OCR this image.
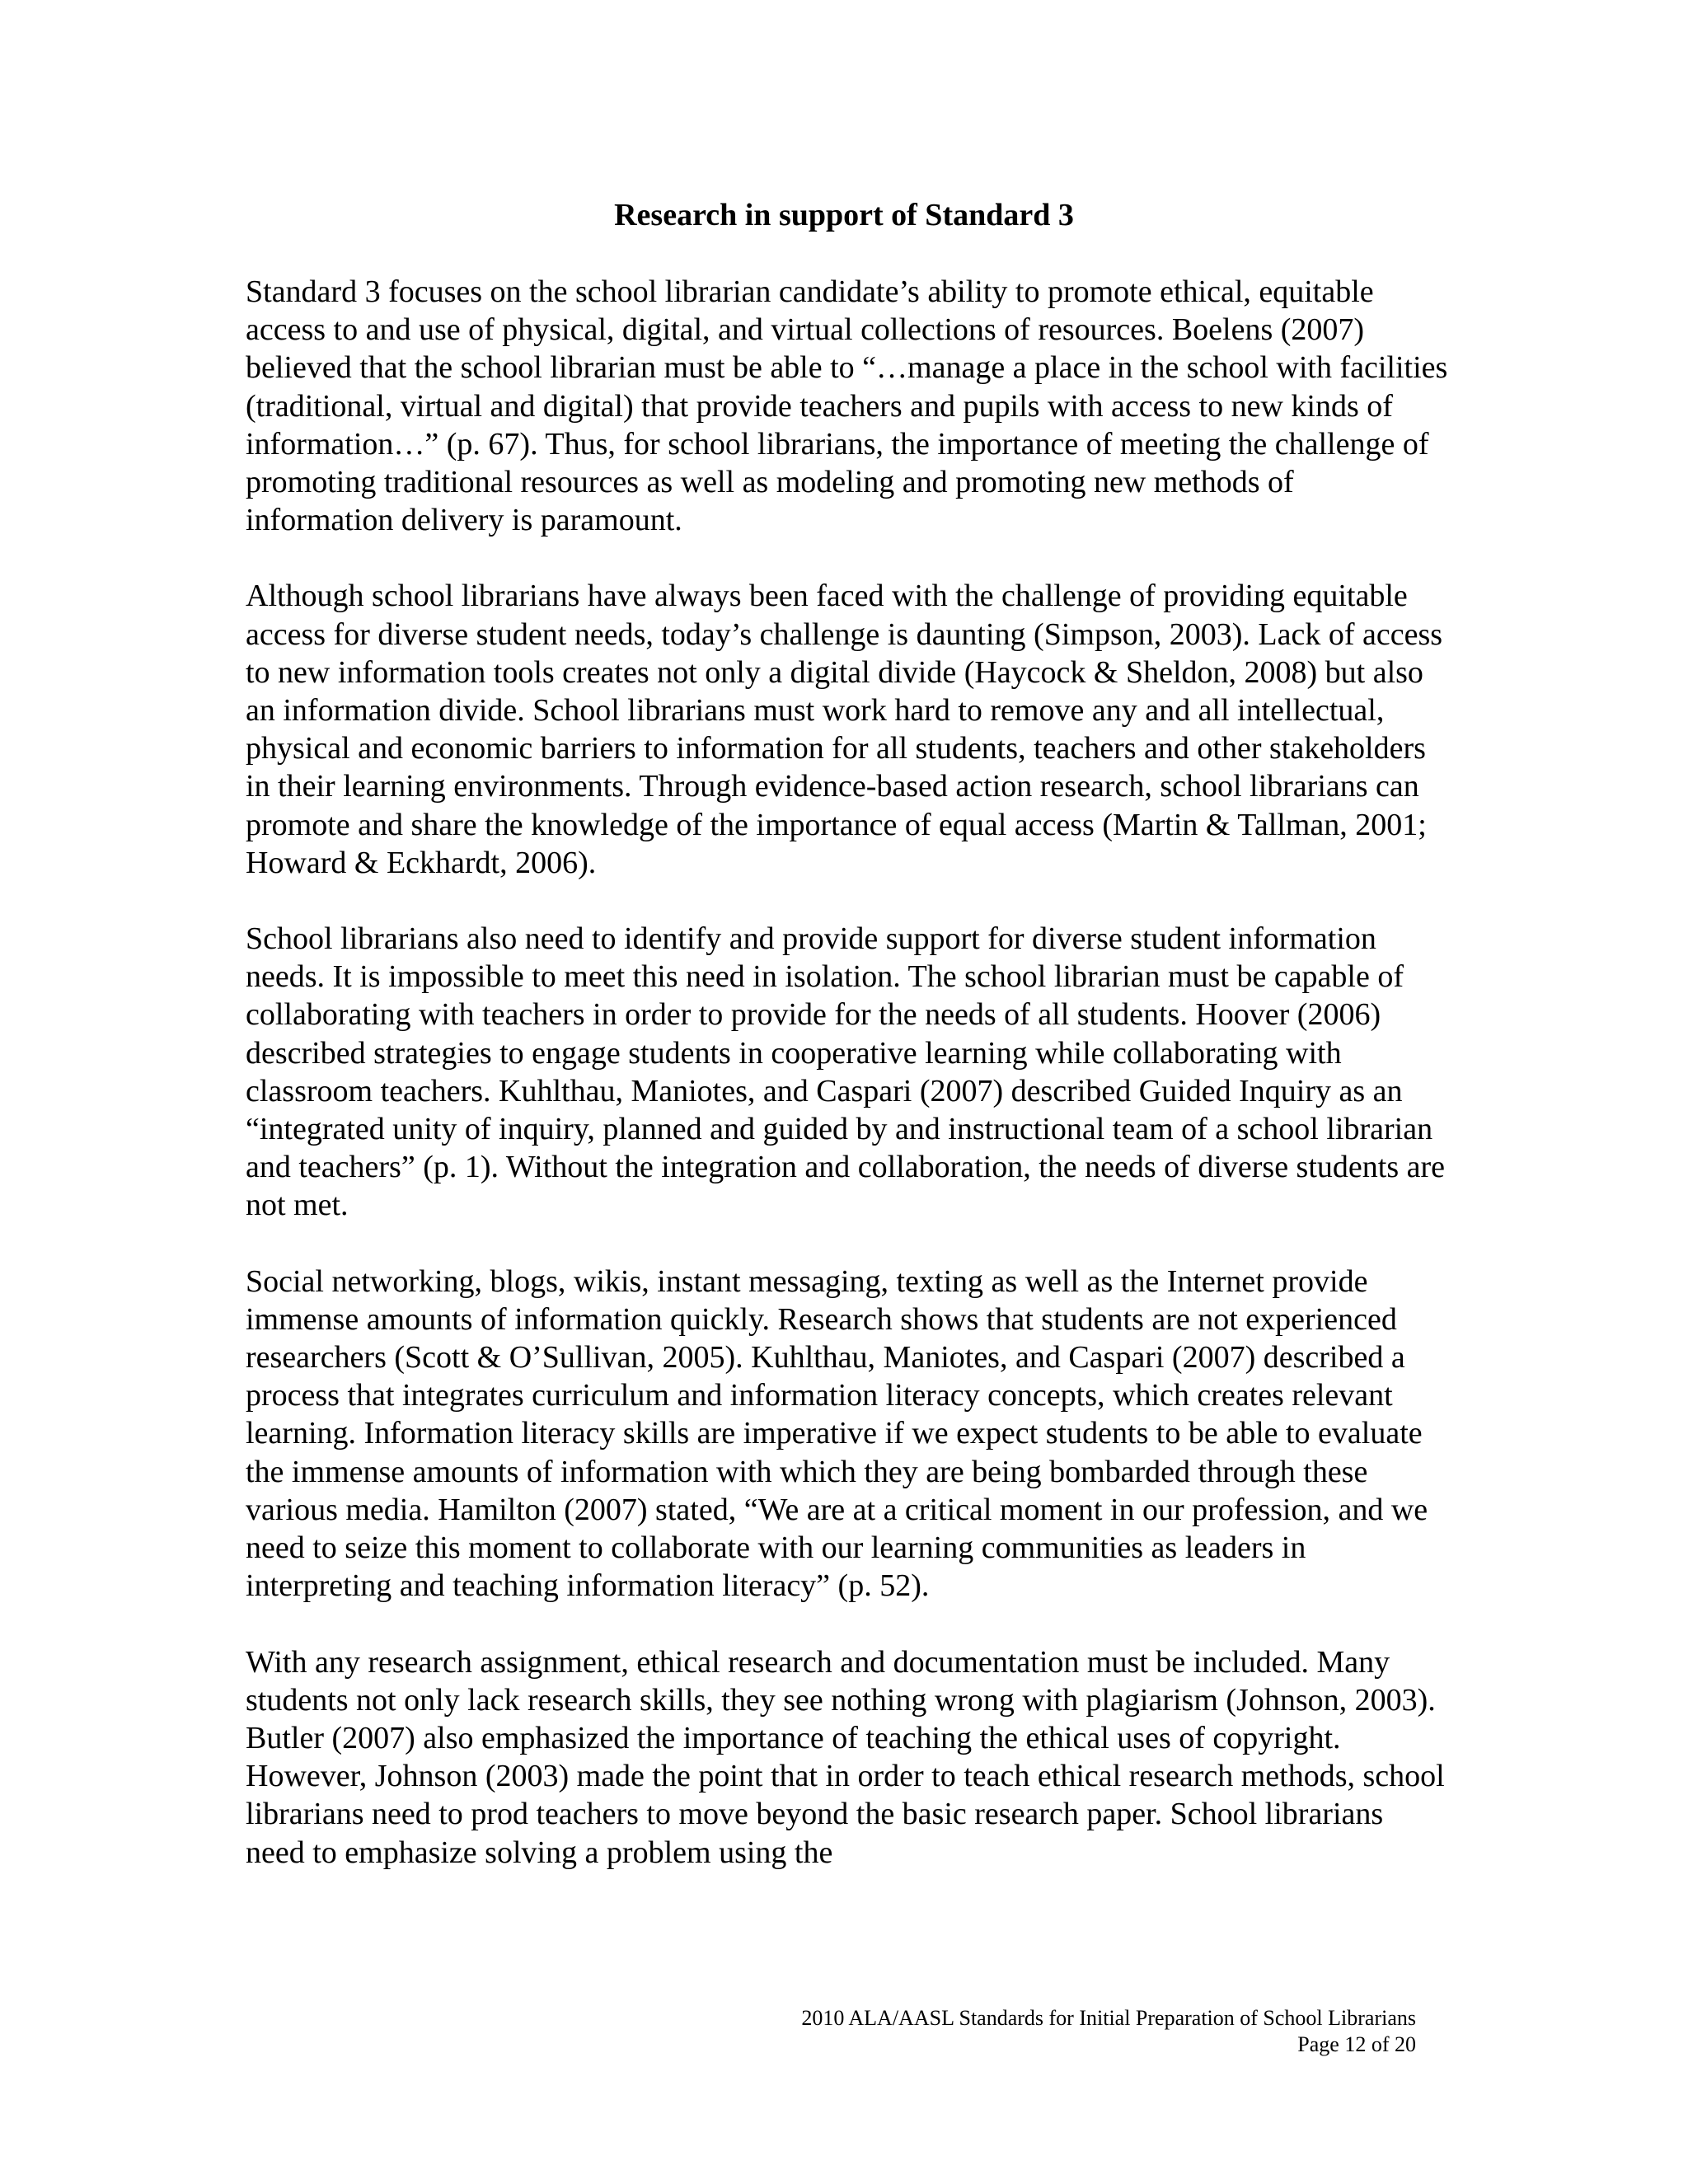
Research in support of Standard 3

Standard 3 focuses on the school librarian candidate’s ability to promote ethical, equitable access to and use of physical, digital, and virtual collections of resources. Boelens (2007) believed that the school librarian must be able to “…manage a place in the school with facilities (traditional, virtual and digital) that provide teachers and pupils with access to new kinds of information…” (p. 67). Thus, for school librarians, the importance of meeting the challenge of promoting traditional resources as well as modeling and promoting new methods of information delivery is paramount.

Although school librarians have always been faced with the challenge of providing equitable access for diverse student needs, today’s challenge is daunting (Simpson, 2003). Lack of access to new information tools creates not only a digital divide (Haycock & Sheldon, 2008) but also an information divide. School librarians must work hard to remove any and all intellectual, physical and economic barriers to information for all students, teachers and other stakeholders in their learning environments. Through evidence-based action research, school librarians can promote and share the knowledge of the importance of equal access (Martin & Tallman, 2001; Howard & Eckhardt, 2006).

School librarians also need to identify and provide support for diverse student information needs. It is impossible to meet this need in isolation. The school librarian must be capable of collaborating with teachers in order to provide for the needs of all students. Hoover (2006) described strategies to engage students in cooperative learning while collaborating with classroom teachers. Kuhlthau, Maniotes, and Caspari (2007) described Guided Inquiry as an “integrated unity of inquiry, planned and guided by and instructional team of a school librarian and teachers” (p. 1). Without the integration and collaboration, the needs of diverse students are not met.

Social networking, blogs, wikis, instant messaging, texting as well as the Internet provide immense amounts of information quickly. Research shows that students are not experienced researchers (Scott & O’Sullivan, 2005). Kuhlthau, Maniotes, and Caspari (2007) described a process that integrates curriculum and information literacy concepts, which creates relevant learning. Information literacy skills are imperative if we expect students to be able to evaluate the immense amounts of information with which they are being bombarded through these various media. Hamilton (2007) stated, “We are at a critical moment in our profession, and we need to seize this moment to collaborate with our learning communities as leaders in interpreting and teaching information literacy” (p. 52).

With any research assignment, ethical research and documentation must be included. Many students not only lack research skills, they see nothing wrong with plagiarism (Johnson, 2003). Butler (2007) also emphasized the importance of teaching the ethical uses of copyright. However, Johnson (2003) made the point that in order to teach ethical research methods, school librarians need to prod teachers to move beyond the basic research paper. School librarians need to emphasize solving a problem using the

2010 ALA/AASL Standards for Initial Preparation of School Librarians
Page 12 of 20
